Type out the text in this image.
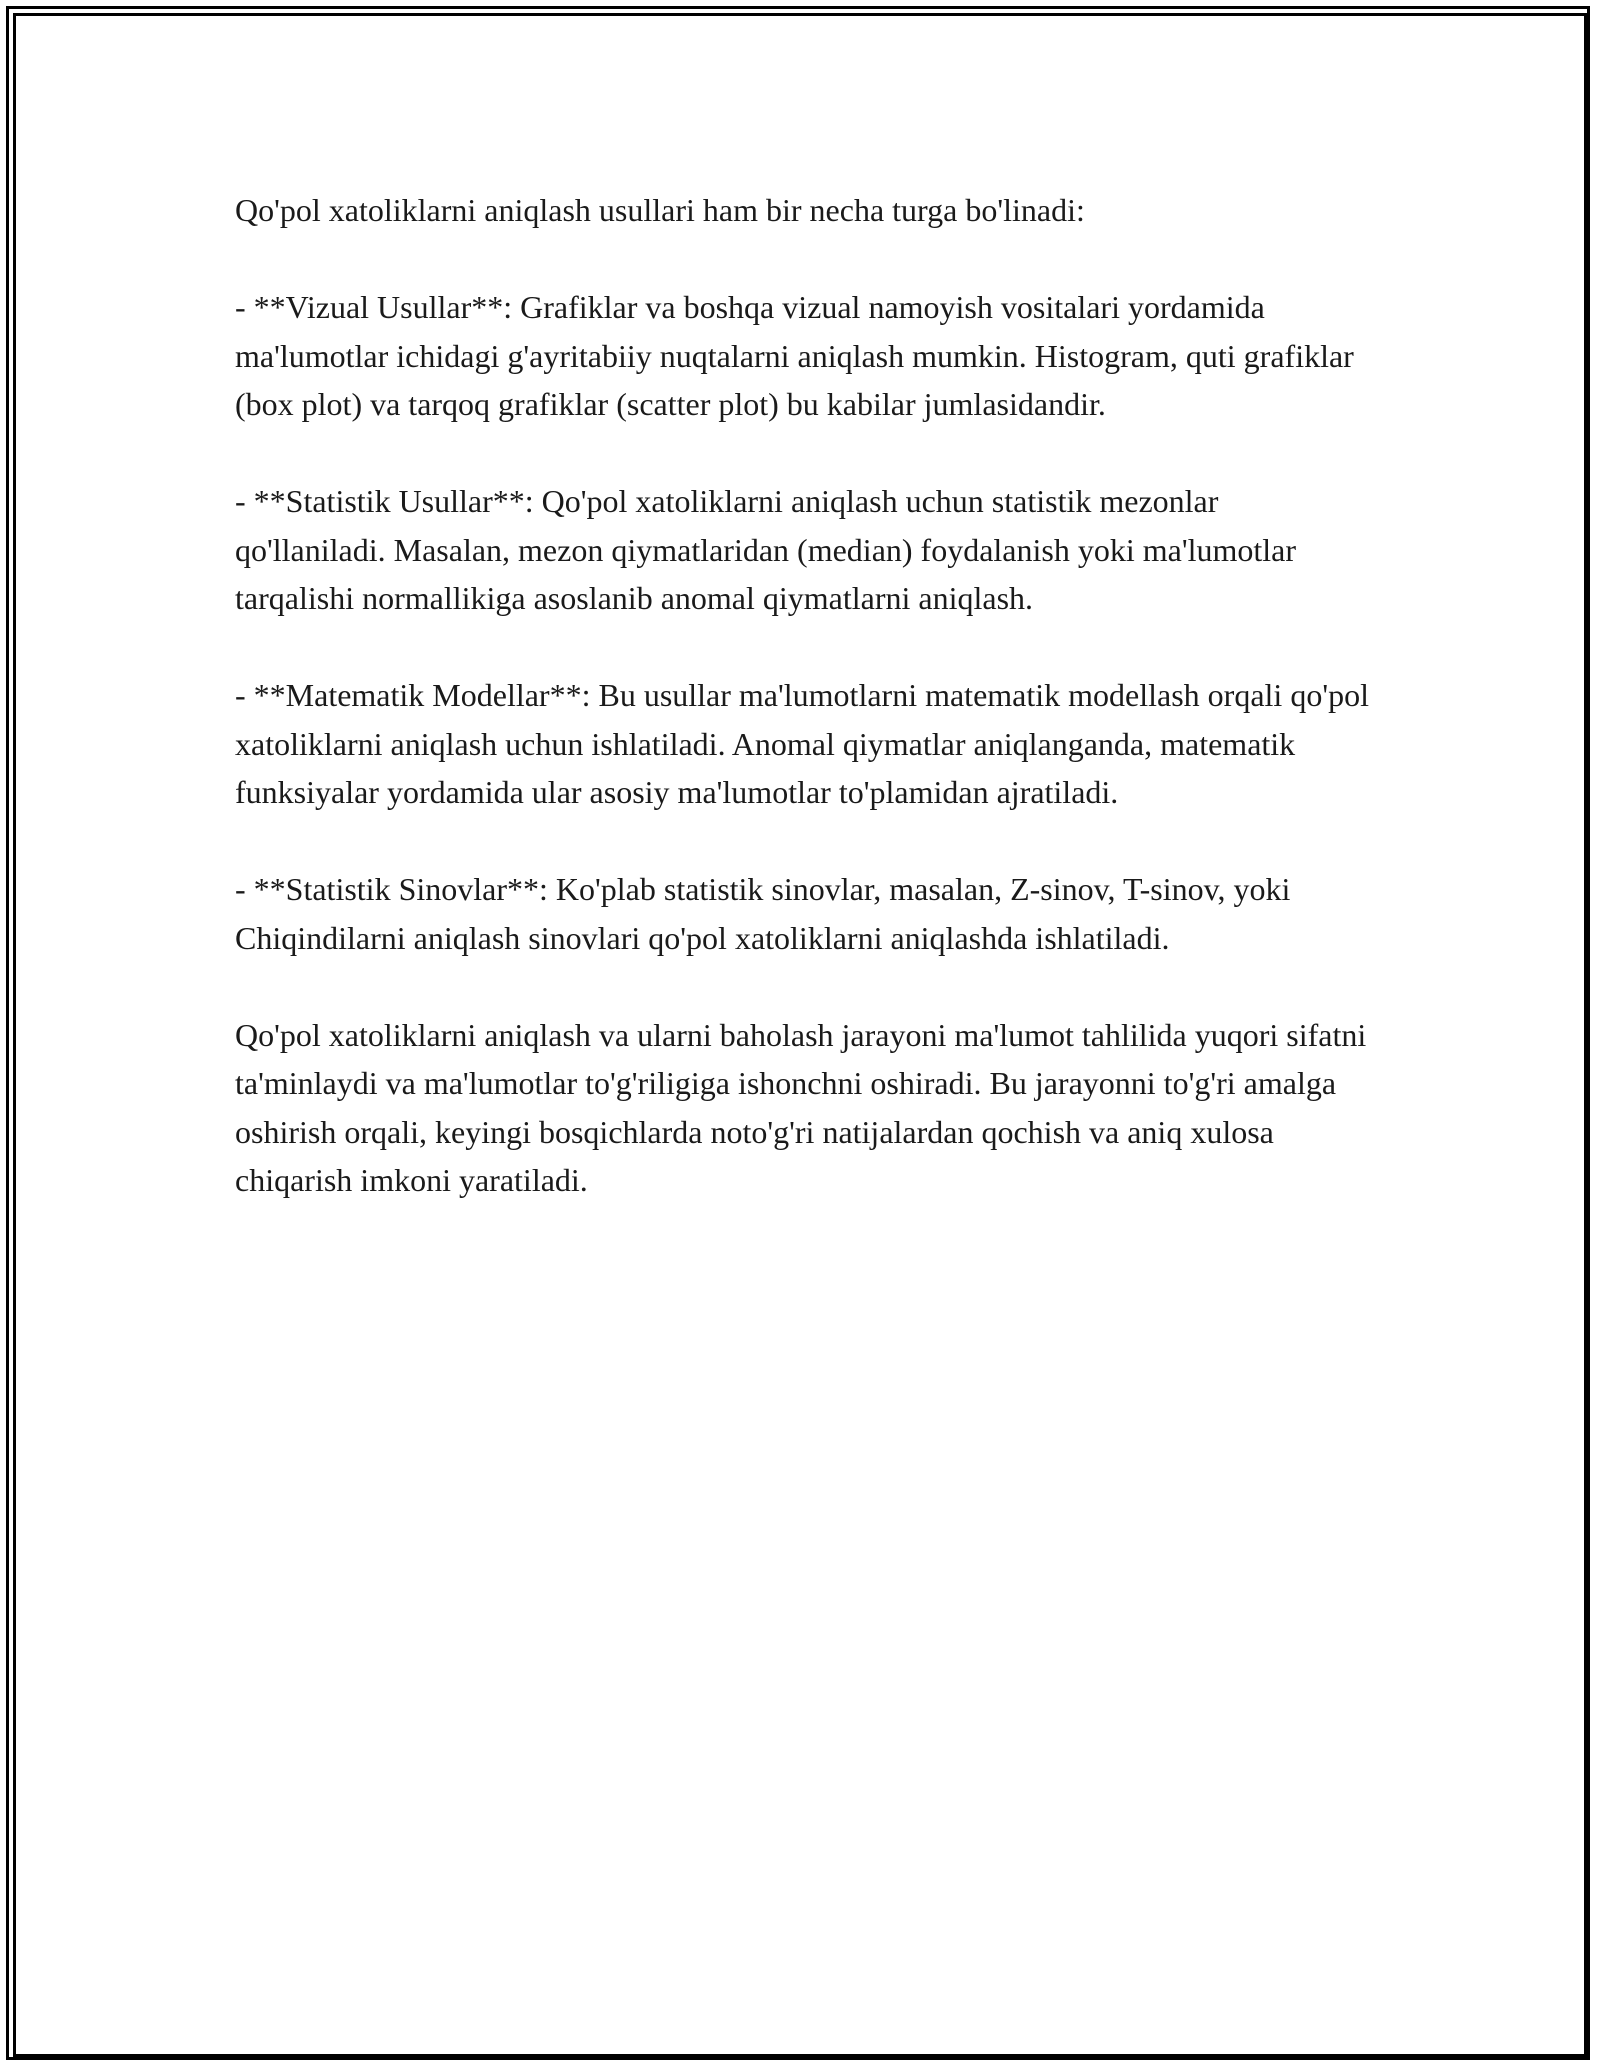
Qo'pol xatoliklarni aniqlash usullari ham bir necha turga bo'linadi:

- **Vizual Usullar**: Grafiklar va boshqa vizual namoyish vositalari yordamida ma'lumotlar ichidagi g'ayritabiiy nuqtalarni aniqlash mumkin. Histogram, quti grafiklar (box plot) va tarqoq grafiklar (scatter plot) bu kabilar jumlasidandir.

- **Statistik Usullar**: Qo'pol xatoliklarni aniqlash uchun statistik mezonlar qo'llaniladi. Masalan, mezon qiymatlaridan (median) foydalanish yoki ma'lumotlar tarqalishi normallikiga asoslanib anomal qiymatlarni aniqlash.

- **Matematik Modellar**: Bu usullar ma'lumotlarni matematik modellash orqali qo'pol xatoliklarni aniqlash uchun ishlatiladi. Anomal qiymatlar aniqlanganda, matematik funksiyalar yordamida ular asosiy ma'lumotlar to'plamidan ajratiladi.

- **Statistik Sinovlar**: Ko'plab statistik sinovlar, masalan, Z-sinov, T-sinov, yoki Chiqindilarni aniqlash sinovlari qo'pol xatoliklarni aniqlashda ishlatiladi.

Qo'pol xatoliklarni aniqlash va ularni baholash jarayoni ma'lumot tahlilida yuqori sifatni ta'minlaydi va ma'lumotlar to'g'riligiga ishonchni oshiradi. Bu jarayonni to'g'ri amalga oshirish orqali, keyingi bosqichlarda noto'g'ri natijalardan qochish va aniq xulosa chiqarish imkoni yaratiladi.
